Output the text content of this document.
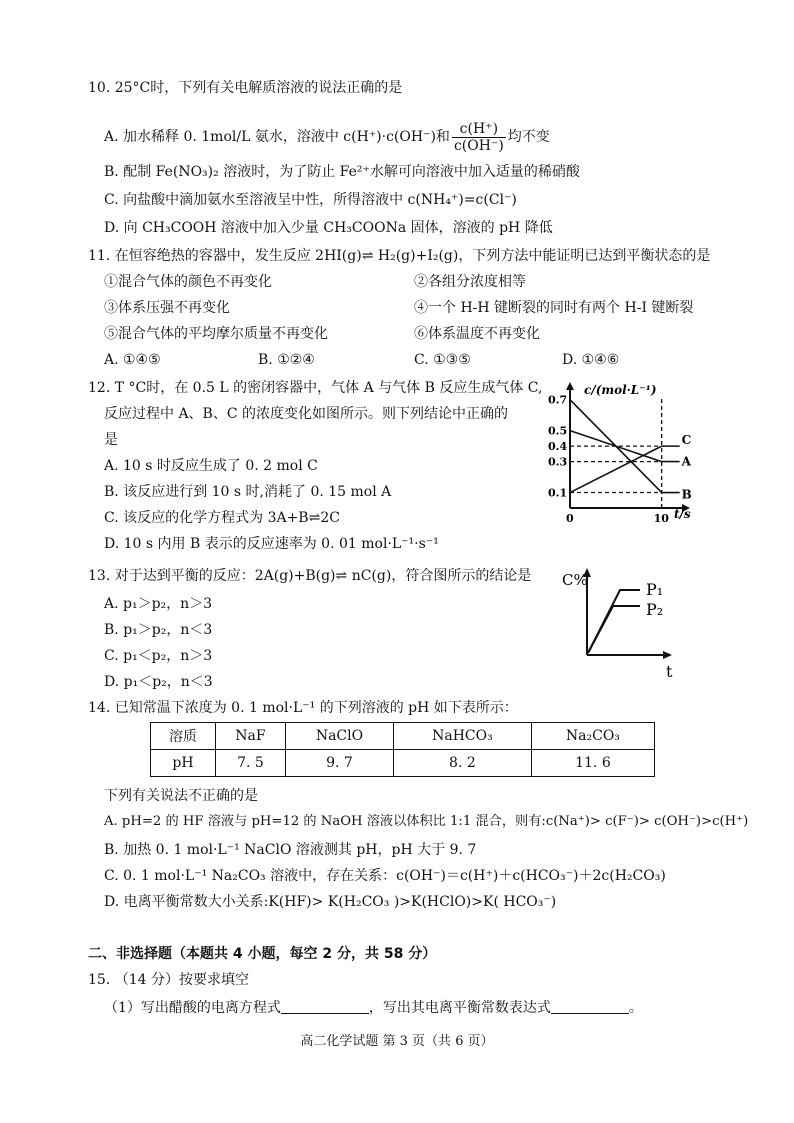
10. 25°C时，下列有关电解质溶液的说法正确的是
A. 加水稀释 0. 1mol/L 氨水，溶液中 c(H⁺)·c(OH⁻)和 $\frac{c(H^+)}{c(OH^-)}$ 均不变
B. 配制 Fe(NO₃)₂ 溶液时，为了防止 Fe²⁺水解可向溶液中加入适量的稀硝酸
C. 向盐酸中滴加氨水至溶液呈中性，所得溶液中 c(NH₄⁺)=c(Cl⁻)
D. 向 CH₃COOH 溶液中加入少量 CH₃COONa 固体，溶液的 pH 降低
11. 在恒容绝热的容器中，发生反应 2HI(g)⇌ H₂(g)+I₂(g)，下列方法中能证明已达到平衡状态的是
①混合气体的颜色不再变化	②各组分浓度相等
③体系压强不再变化	④一个 H-H 键断裂的同时有两个 H-I 键断裂
⑤混合气体的平均摩尔质量不再变化	⑥体系温度不再变化
A. ①④⑤	B. ①②④	C. ①③⑤	D. ①④⑥
12. T °C时，在 0.5 L 的密闭容器中，气体 A 与气体 B 反应生成气体 C,
反应过程中 A、B、C 的浓度变化如图所示。则下列结论中正确的
是
A. 10 s 时反应生成了 0. 2 mol C
B. 该反应进行到 10 s 时,消耗了 0. 15 mol A
C. 该反应的化学方程式为 3A+B⇌2C
D. 10 s 内用 B 表示的反应速率为 0. 01 mol·L⁻¹·s⁻¹
0.7
0.5
0.4
0.3
0.1
0	10
C
A
B
c/(mol·L⁻¹)
t/s
13. 对于达到平衡的反应：2A(g)+B(g)⇌ nC(g)，符合图所示的结论是
A. p₁＞p₂，n＞3
B. p₁＞p₂，n＜3
C. p₁＜p₂，n＞3
D. p₁＜p₂，n＜3
C%	P₁
P₂
t
14. 已知常温下浓度为 0. 1 mol·L⁻¹ 的下列溶液的 pH 如下表所示：
溶质	NaF	NaClO	NaHCO₃	Na₂CO₃
pH	7. 5	9. 7	8. 2	11. 6
下列有关说法不正确的是
A. pH=2 的 HF 溶液与 pH=12 的 NaOH 溶液以体积比 1:1 混合，则有:c(Na⁺)> c(F⁻)> c(OH⁻)>c(H⁺)
B. 加热 0. 1 mol·L⁻¹ NaClO 溶液测其 pH，pH 大于 9. 7
C. 0. 1 mol·L⁻¹ Na₂CO₃ 溶液中，存在关系：c(OH⁻)＝c(H⁺)＋c(HCO₃⁻)＋2c(H₂CO₃)
D. 电离平衡常数大小关系:K(HF)> K(H₂CO₃ )>K(HClO)>K( HCO₃⁻)
二、非选择题（本题共 4 小题，每空 2 分，共 58 分）
15. （14 分）按要求填空
（1）写出醋酸的电离方程式	，写出其电离平衡常数表达式	。
高二化学试题 第 3 页（共 6 页）
